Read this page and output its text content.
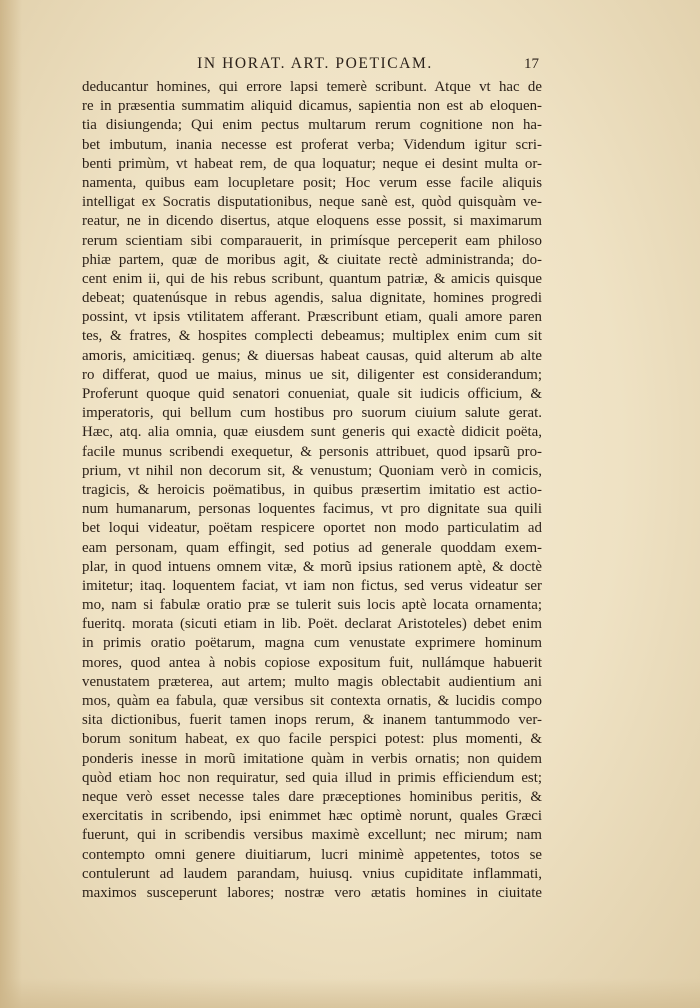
IN HORAT. ART. POETICAM.	17
deducantur homines, qui errore lapsi temerè scribunt. Atque vt hac de
re in præsentia summatim aliquid dicamus, sapientia non est ab eloquen-
tia disiungenda; Qui enim pectus multarum rerum cognitione non ha-
bet imbutum, inania necesse est proferat verba; Videndum igitur scri-
benti primùm, vt habeat rem, de qua loquatur; neque ei desint multa or-
namenta, quibus eam locupletare posit; Hoc verum esse facile aliquis
intelligat ex Socratis disputationibus, neque sanè est, quòd quisquàm ve-
reatur, ne in dicendo disertus, atque eloquens esse possit, si maximarum
rerum scientiam sibi comparauerit, in primísque perceperit eam philoso
phiæ partem, quæ de moribus agit, & ciuitate rectè administranda; do-
cent enim ii, qui de his rebus scribunt, quantum patriæ, & amicis quisque
debeat; quatenúsque in rebus agendis, salua dignitate, homines progredi
possint, vt ipsis vtilitatem afferant. Præscribunt etiam, quali amore paren
tes, & fratres, & hospites complecti debeamus; multiplex enim cum sit
amoris, amicitiæq. genus; & diuersas habeat causas, quid alterum ab alte
ro differat, quod ue maius, minus ue sit, diligenter est considerandum;
Proferunt quoque quid senatori conueniat, quale sit iudicis officium, &
imperatoris, qui bellum cum hostibus pro suorum ciuium salute gerat.
Hæc, atq. alia omnia, quæ eiusdem sunt generis qui exactè didicit poëta,
facile munus scribendi exequetur, & personis attribuet, quod ipsarũ pro-
prium, vt nihil non decorum sit, & venustum; Quoniam verò in comicis,
tragicis, & heroicis poëmatibus, in quibus præsertim imitatio est actio-
num humanarum, personas loquentes facimus, vt pro dignitate sua quili
bet loqui videatur, poëtam respicere oportet non modo particulatim ad
eam personam, quam effingit, sed potius ad generale quoddam exem-
plar, in quod intuens omnem vitæ, & morũ ipsius rationem aptè, & doctè
imitetur; itaq. loquentem faciat, vt iam non fictus, sed verus videatur ser
mo, nam si fabulæ oratio præ se tulerit suis locis aptè locata ornamenta;
fueritq. morata (sicuti etiam in lib. Poët. declarat Aristoteles) debet enim
in primis oratio poëtarum, magna cum venustate exprimere hominum
mores, quod antea à nobis copiose expositum fuit, nullámque habuerit
venustatem præterea, aut artem; multo magis oblectabit audientium ani
mos, quàm ea fabula, quæ versibus sit contexta ornatis, & lucidis compo
sita dictionibus, fuerit tamen inops rerum, & inanem tantummodo ver-
borum sonitum habeat, ex quo facile perspici potest: plus momenti, &
ponderis inesse in morũ imitatione quàm in verbis ornatis; non quidem
quòd etiam hoc non requiratur, sed quia illud in primis efficiendum est;
neque verò esset necesse tales dare præceptiones hominibus peritis, &
exercitatis in scribendo, ipsi enimmet hæc optimè norunt, quales Græci
fuerunt, qui in scribendis versibus maximè excellunt; nec mirum; nam
contempto omni genere diuitiarum, lucri minimè appetentes, totos se
contulerunt ad laudem parandam, huiusq. vnius cupiditate inflammati,
maximos susceperunt labores; nostræ vero ætatis homines in ciuitate
